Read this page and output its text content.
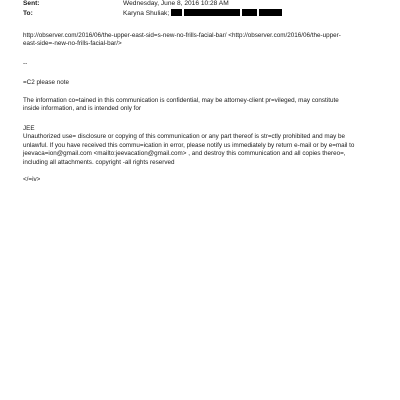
Sent:	Wednesday, June 8, 2016 10:28 AM
To:	Karyna Shuliak;
http://observer.com/2016/06/the-upper-east-sid=s-new-no-frills-facial-bar/ <http://observer.com/2016/06/the-upper-
east-side=-new-no-frills-facial-bar/>
--
=C2 please note
The information co=tained in this communication is confidential, may be attorney-client pr=vileged, may constitute
inside information, and is intended only for
JEE
Unauthorized use= disclosure or copying of this communication or any part thereof is str=ctly prohibited and may be
unlawful. If you have received this commu=ication in error, please notify us immediately by return e-mail or by e=mail to
jeevaca=ion@gmail.com <mailto:jeevacation@gmail.com> , and destroy this communication and all copies thereo=,
including all attachments. copyright -all rights reserved
</=iv>
